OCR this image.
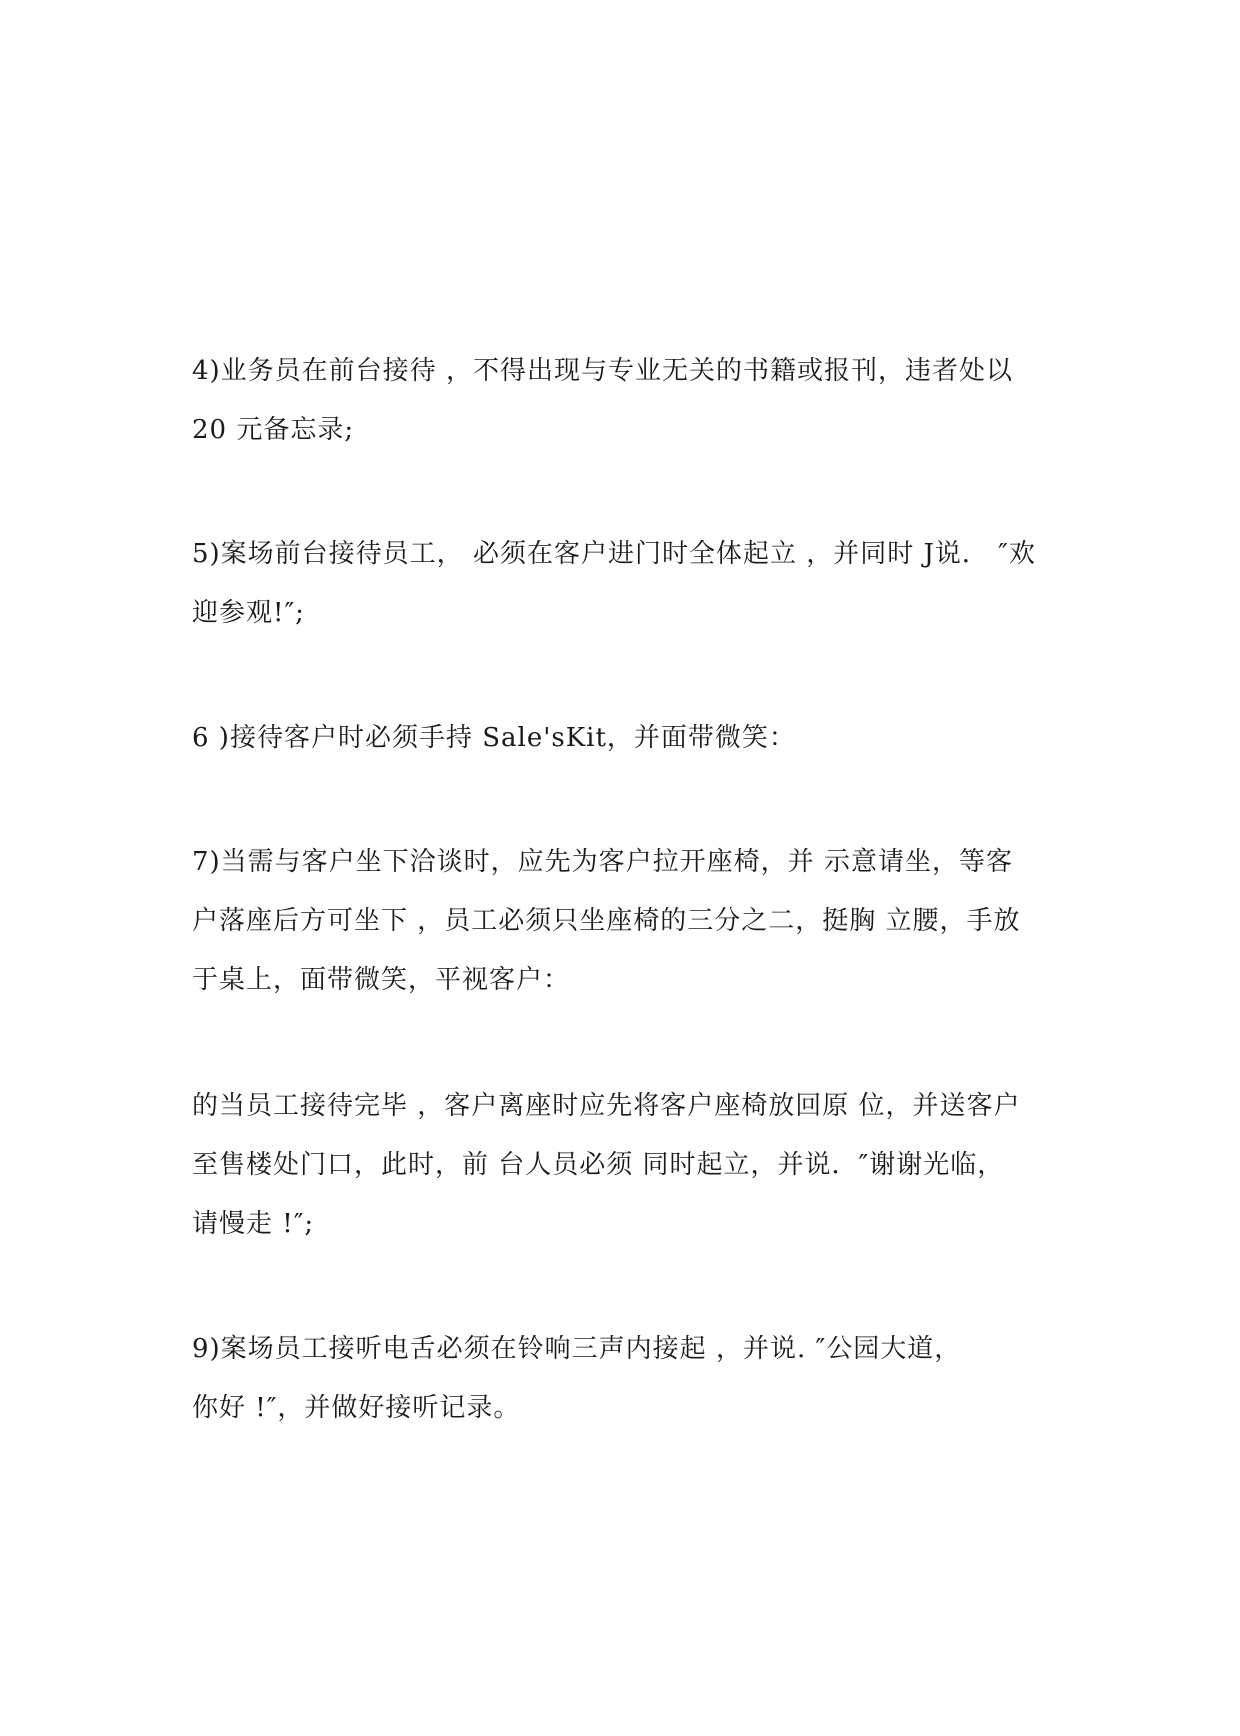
4)业务员在前台接待 ，不得出现与专业无关的书籍或报刊，违者处以
20 元备忘录;
5)案场前台接待员工， 必须在客户进门时全体起立 ，并同时 J说． ″欢
迎参观!″;
6 )接待客户时必须手持 Sale'sKit，并面带微笑：
7)当需与客户坐下洽谈时，应先为客户拉开座椅，并 示意请坐，等客
户落座后方可坐下 ，员工必须只坐座椅的三分之二，挺胸 立腰，手放
于桌上，面带微笑，平视客户：
的当员工接待完毕 ，客户离座时应先将客户座椅放回原 位，并送客户
至售楼处门口，此时，前 台人员必须 同时起立，并说．″谢谢光临，
请慢走 !″;
9)案场员工接听电舌必须在铃响三声内接起 ，并说. ″公园大道，
你好 !″，并做好接听记录。
